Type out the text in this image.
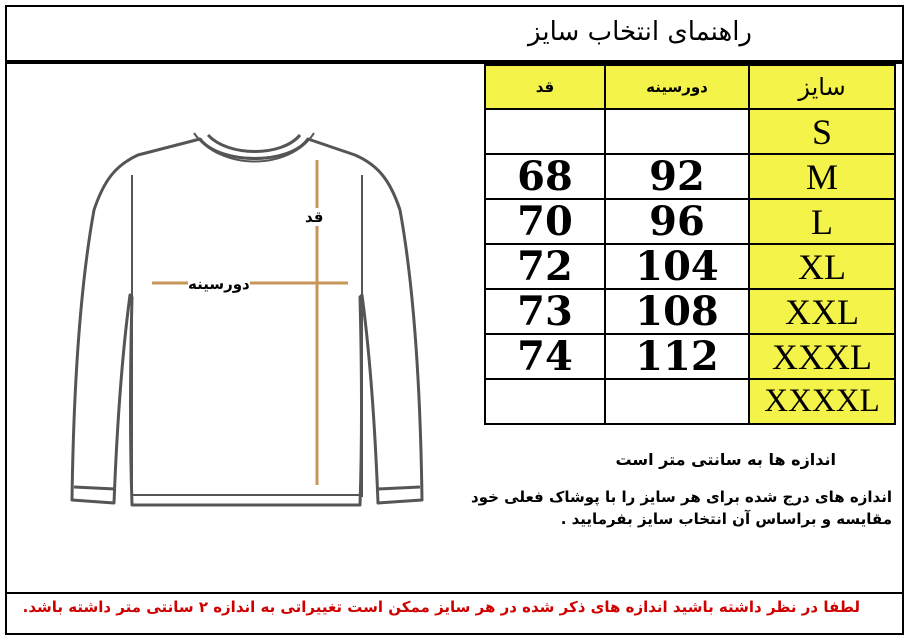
راهنمای انتخاب سایز
قد
دورسینه
قد	دورسینه	سایز
		S
68	92	M
70	96	L
72	104	XL
73	108	XXL
74	112	XXXL
		XXXXL
اندازه ها به سانتی متر است
اندازه های درج شده برای هر سایز را با پوشاک فعلی خود مقایسه و براساس آن انتخاب سایز بفرمایید .
لطفا در نظر داشته باشید اندازه های ذکر شده در هر سایز ممکن است تغییراتی به اندازه ۲ سانتی متر داشته باشد.
